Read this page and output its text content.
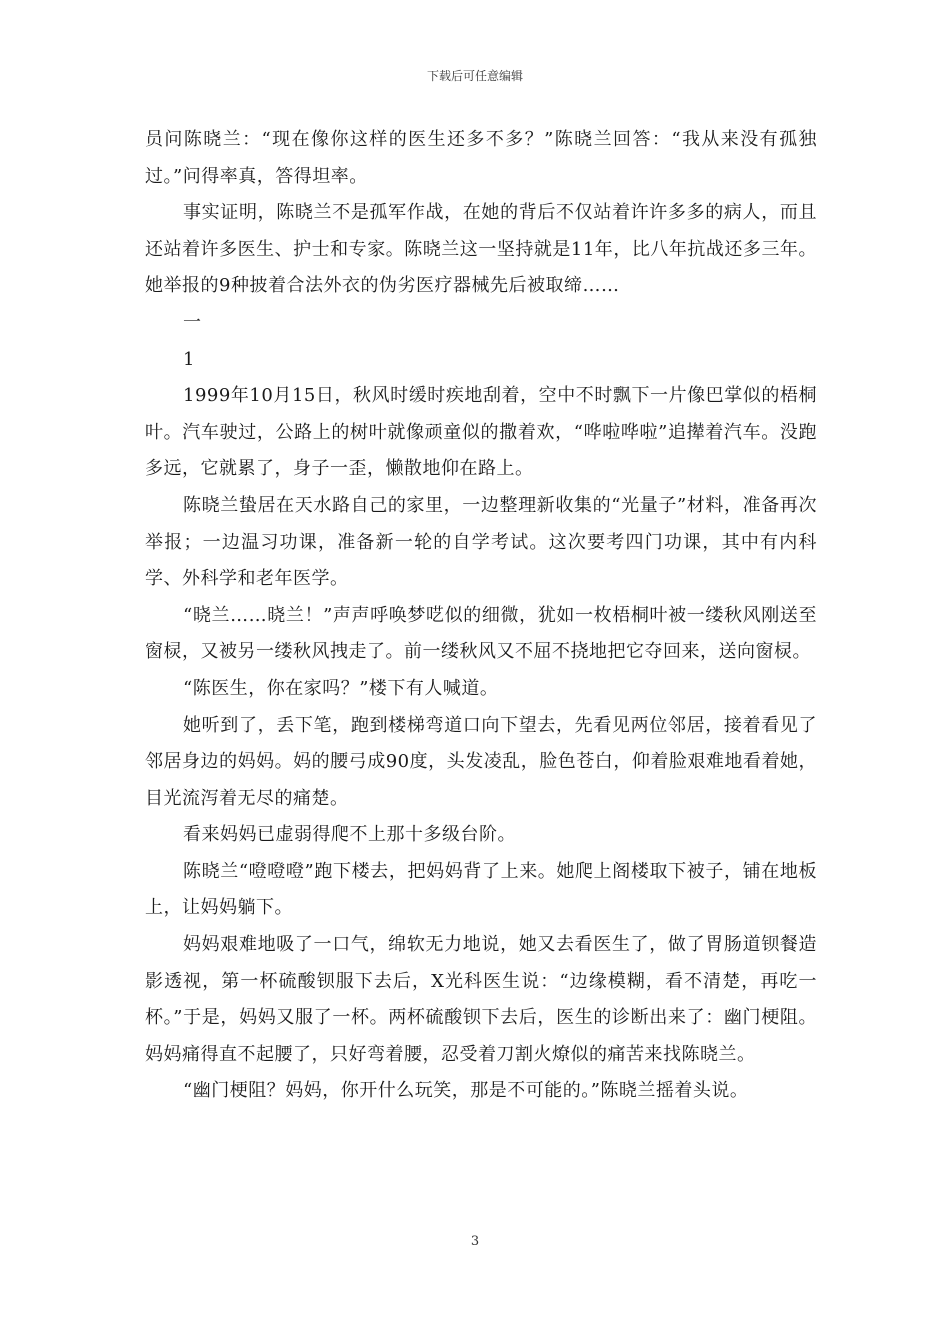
下载后可任意编辑

员问陈晓兰：“现在像你这样的医生还多不多？”陈晓兰回答：“我从来没有孤独过。”问得率真，答得坦率。

事实证明，陈晓兰不是孤军作战，在她的背后不仅站着许许多多的病人，而且还站着许多医生、护士和专家。陈晓兰这一坚持就是11年，比八年抗战还多三年。她举报的9种披着合法外衣的伪劣医疗器械先后被取缔……

一

1

1999年10月15日，秋风时缓时疾地刮着，空中不时飘下一片像巴掌似的梧桐叶。汽车驶过，公路上的树叶就像顽童似的撒着欢，“哗啦哗啦”追撵着汽车。没跑多远，它就累了，身子一歪，懒散地仰在路上。

陈晓兰蛰居在天水路自己的家里，一边整理新收集的“光量子”材料，准备再次举报；一边温习功课，准备新一轮的自学考试。这次要考四门功课，其中有内科学、外科学和老年医学。

“晓兰……晓兰！”声声呼唤梦呓似的细微，犹如一枚梧桐叶被一缕秋风刚送至窗棂，又被另一缕秋风拽走了。前一缕秋风又不屈不挠地把它夺回来，送向窗棂。

“陈医生，你在家吗？”楼下有人喊道。

她听到了，丢下笔，跑到楼梯弯道口向下望去，先看见两位邻居，接着看见了邻居身边的妈妈。妈的腰弓成90度，头发凌乱，脸色苍白，仰着脸艰难地看着她，目光流泻着无尽的痛楚。

看来妈妈已虚弱得爬不上那十多级台阶。

陈晓兰“噔噔噔”跑下楼去，把妈妈背了上来。她爬上阁楼取下被子，铺在地板上，让妈妈躺下。

妈妈艰难地吸了一口气，绵软无力地说，她又去看医生了，做了胃肠道钡餐造影透视，第一杯硫酸钡服下去后，X光科医生说：“边缘模糊，看不清楚，再吃一杯。”于是，妈妈又服了一杯。两杯硫酸钡下去后，医生的诊断出来了：幽门梗阻。妈妈痛得直不起腰了，只好弯着腰，忍受着刀割火燎似的痛苦来找陈晓兰。

“幽门梗阻？妈妈，你开什么玩笑，那是不可能的。”陈晓兰摇着头说。

3
